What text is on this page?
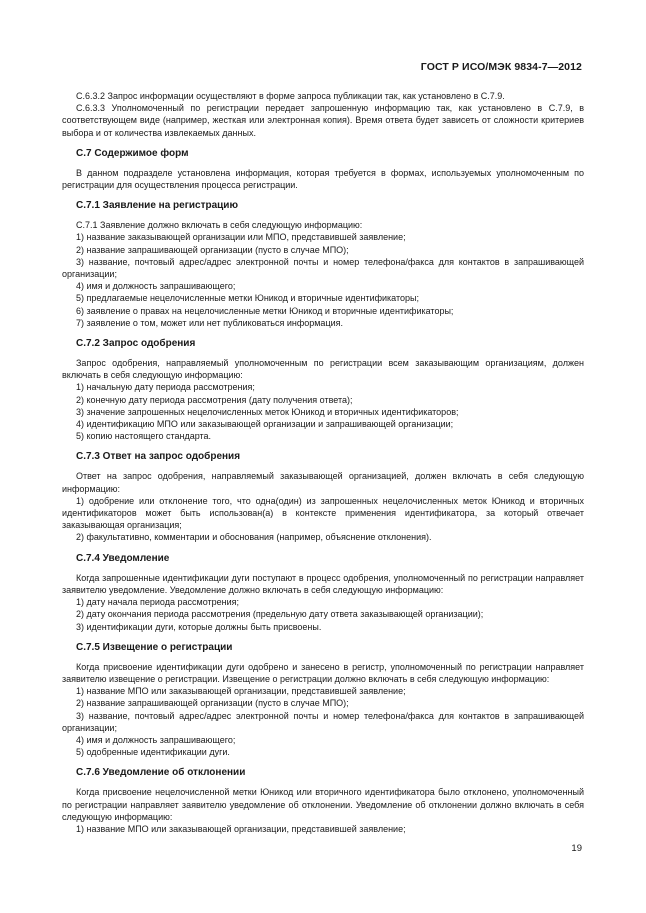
ГОСТ Р ИСО/МЭК 9834-7—2012

С.6.3.2 Запрос информации осуществляют в форме запроса публикации так, как установлено в С.7.9.

С.6.3.3 Уполномоченный по регистрации передает запрошенную информацию так, как установлено в С.7.9, в соответствующем виде (например, жесткая или электронная копия). Время ответа будет зависеть от сложности критериев выбора и от количества извлекаемых данных.

С.7 Содержимое форм

В данном подразделе установлена информация, которая требуется в формах, используемых уполномоченным по регистрации для осуществления процесса регистрации.

С.7.1 Заявление на регистрацию

С.7.1 Заявление должно включать в себя следующую информацию:

1) название заказывающей организации или МПО, представившей заявление;

2) название запрашивающей организации (пусто в случае МПО);

3) название, почтовый адрес/адрес электронной почты и номер телефона/факса для контактов в запрашивающей организации;

4) имя и должность запрашивающего;

5) предлагаемые нецелочисленные метки Юникод и вторичные идентификаторы;

6) заявление о правах на нецелочисленные метки Юникод и вторичные идентификаторы;

7) заявление о том, может или нет публиковаться информация.

С.7.2 Запрос одобрения

Запрос одобрения, направляемый уполномоченным по регистрации всем заказывающим организациям, должен включать в себя следующую информацию:

1) начальную дату периода рассмотрения;

2) конечную дату периода рассмотрения (дату получения ответа);

3) значение запрошенных нецелочисленных меток Юникод и вторичных идентификаторов;

4) идентификацию МПО или заказывающей организации и запрашивающей организации;

5) копию настоящего стандарта.

С.7.3 Ответ на запрос одобрения

Ответ на запрос одобрения, направляемый заказывающей организацией, должен включать в себя следующую информацию:

1) одобрение или отклонение того, что одна(один) из запрошенных нецелочисленных меток Юникод и вторичных идентификаторов может быть использован(а) в контексте применения идентификатора, за который отвечает заказывающая организация;

2) факультативно, комментарии и обоснования (например, объяснение отклонения).

С.7.4 Уведомление

Когда запрошенные идентификации дуги поступают в процесс одобрения, уполномоченный по регистрации направляет заявителю уведомление. Уведомление должно включать в себя следующую информацию:

1) дату начала периода рассмотрения;

2) дату окончания периода рассмотрения (предельную дату ответа заказывающей организации);

3) идентификации дуги, которые должны быть присвоены.

С.7.5 Извещение о регистрации

Когда присвоение идентификации дуги одобрено и занесено в регистр, уполномоченный по регистрации направляет заявителю извещение о регистрации. Извещение о регистрации должно включать в себя следующую информацию:

1) название МПО или заказывающей организации, представившей заявление;

2) название запрашивающей организации (пусто в случае МПО);

3) название, почтовый адрес/адрес электронной почты и номер телефона/факса для контактов в запрашивающей организации;

4) имя и должность запрашивающего;

5) одобренные идентификации дуги.

С.7.6 Уведомление об отклонении

Когда присвоение нецелочисленной метки Юникод или вторичного идентификатора было отклонено, уполномоченный по регистрации направляет заявителю уведомление об отклонении. Уведомление об отклонении должно включать в себя следующую информацию:

1) название МПО или заказывающей организации, представившей заявление;

19
